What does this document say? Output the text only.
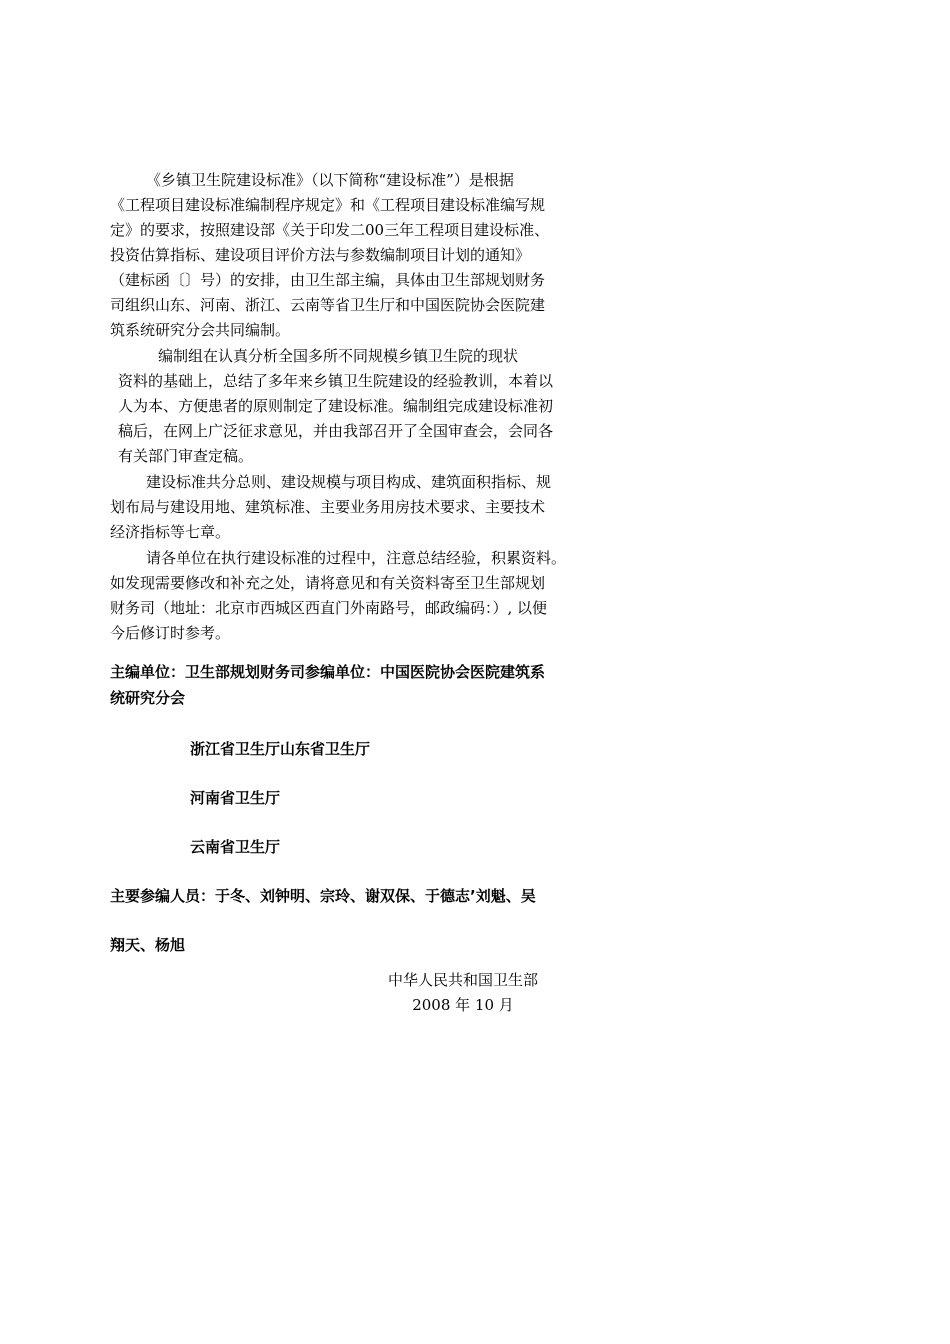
《乡镇卫生院建设标准》（以下简称“建设标准”）是根据
《工程项目建设标准编制程序规定》和《工程项目建设标准编写规
定》的要求，按照建设部《关于印发二00三年工程项目建设标准、
投资估算指标、建设项目评价方法与参数编制项目计划的通知》
（建标函〔〕号）的安排，由卫生部主编，具体由卫生部规划财务
司组织山东、河南、浙江、云南等省卫生厅和中国医院协会医院建
筑系统研究分会共同编制。
编制组在认真分析全国多所不同规模乡镇卫生院的现状
资料的基础上，总结了多年来乡镇卫生院建设的经验教训，本着以
人为本、方便患者的原则制定了建设标准。编制组完成建设标准初
稿后，在网上广泛征求意见，并由我部召开了全国审查会，会同各
有关部门审查定稿。
建设标准共分总则、建设规模与项目构成、建筑面积指标、规
划布局与建设用地、建筑标准、主要业务用房技术要求、主要技术
经济指标等七章。
请各单位在执行建设标准的过程中，注意总结经验，积累资料。
如发现需要修改和补充之处，请将意见和有关资料寄至卫生部规划
财务司（地址：北京市西城区西直门外南路号，邮政编码：）, 以便
今后修订时参考。
主编单位：卫生部规划财务司参编单位：中国医院协会医院建筑系
统研究分会
浙江省卫生厅山东省卫生厅
河南省卫生厅
云南省卫生厅
主要参编人员：于冬、刘钟明、宗玲、谢双保、于德志’刘魁、吴
翔天、杨旭
中华人民共和国卫生部
2008 年 10 月
